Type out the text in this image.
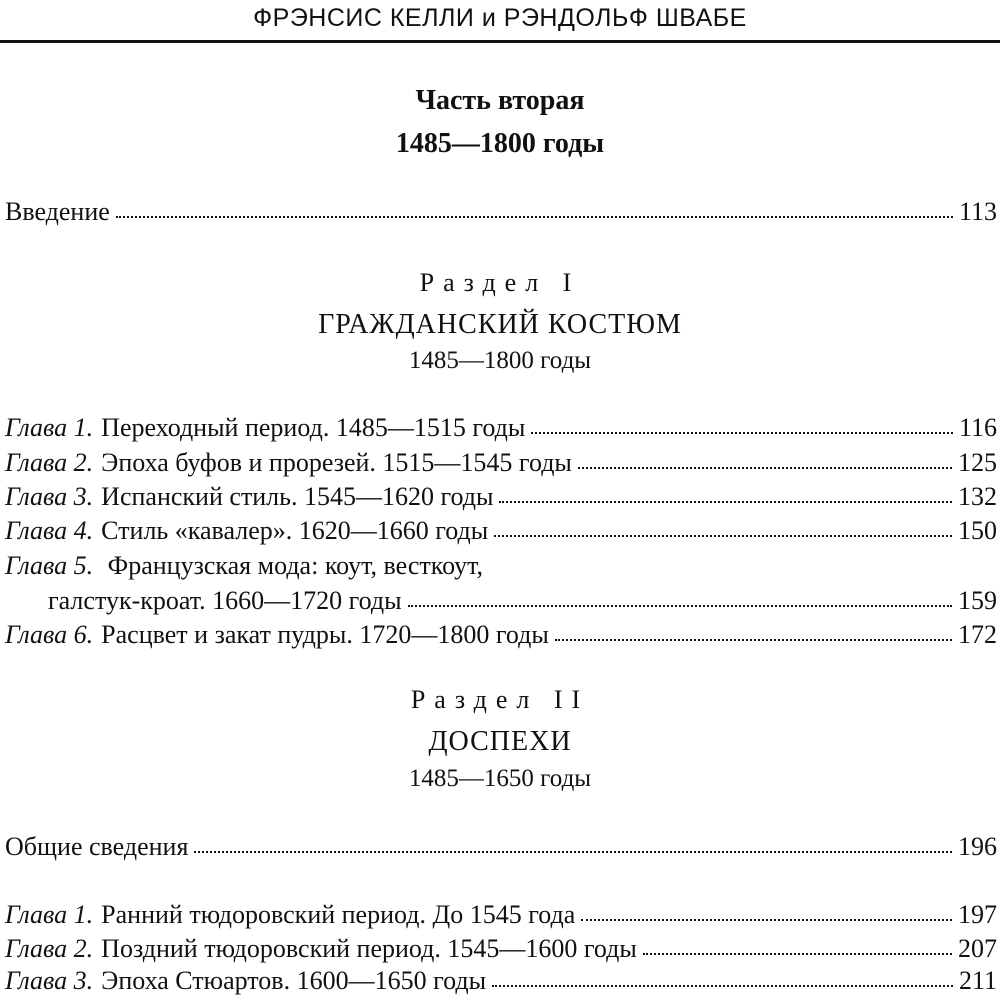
ФРЭНСИС КЕЛЛИ и РЭНДОЛЬФ ШВАБЕ
Часть вторая
1485—1800 годы
Введение	113
Раздел I
ГРАЖДАНСКИЙ КОСТЮМ
1485—1800 годы
Глава 1. Переходный период. 1485—1515 годы	116
Глава 2. Эпоха буфов и прорезей. 1515—1545 годы	125
Глава 3. Испанский стиль. 1545—1620 годы	132
Глава 4. Стиль «кавалер». 1620—1660 годы	150
Глава 5. Французская мода: коут, весткоут,
галстук-кроат. 1660—1720 годы	159
Глава 6. Расцвет и закат пудры. 1720—1800 годы	172
Раздел II
ДОСПЕХИ
1485—1650 годы
Общие сведения	196
Глава 1. Ранний тюдоровский период. До 1545 года	197
Глава 2. Поздний тюдоровский период. 1545—1600 годы	207
Глава 3. Эпоха Стюартов. 1600—1650 годы	211
